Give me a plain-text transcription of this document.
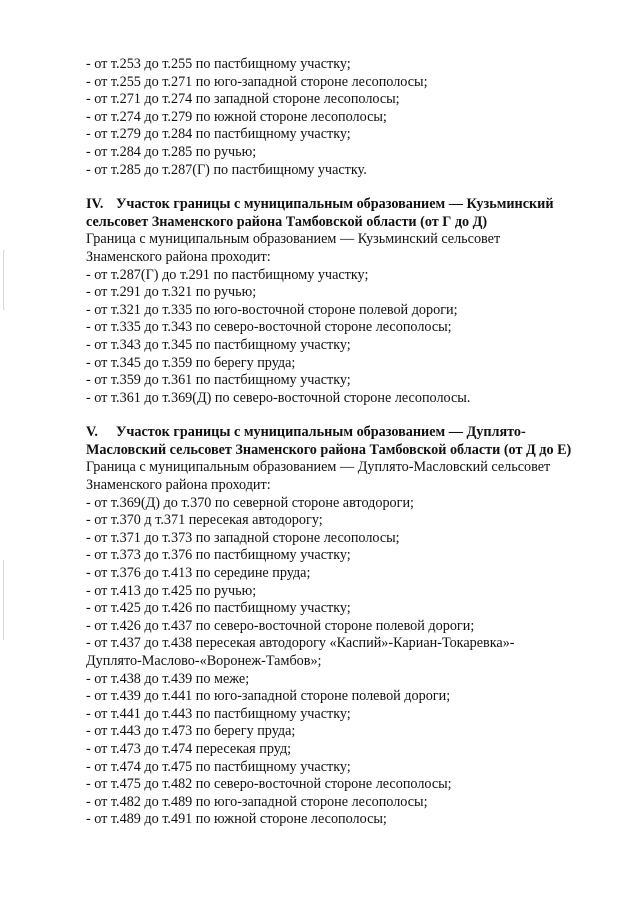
- от т.253 до т.255 по пастбищному участку;

- от т.255 до т.271 по юго-западной стороне лесополосы;

- от т.271 до т.274 по западной стороне лесополосы;

- от т.274 до т.279 по южной стороне лесополосы;

- от т.279 до т.284 по пастбищному участку;

- от т.284 до т.285 по ручью;

- от т.285 до т.287(Г) по пастбищному участку.

IV. Участок границы с муниципальным образованием — Кузьминский
сельсовет Знаменского района Тамбовской области (от Г до Д)

Граница с муниципальным образованием — Кузьминский сельсовет

Знаменского района проходит:

- от т.287(Г) до т.291 по пастбищному участку;

- от т.291 до т.321 по ручью;

- от т.321 до т.335 по юго-восточной стороне полевой дороги;

- от т.335 до т.343 по северо-восточной стороне лесополосы;

- от т.343 до т.345 по пастбищному участку;

- от т.345 до т.359 по берегу пруда;

- от т.359 до т.361 по пастбищному участку;

- от т.361 до т.369(Д) по северо-восточной стороне лесополосы.

V. Участок границы с муниципальным образованием — Дуплято-
Масловский сельсовет Знаменского района Тамбовской области (от Д до Е)

Граница с муниципальным образованием — Дуплято-Масловский сельсовет

Знаменского района проходит:

- от т.369(Д) до т.370 по северной стороне автодороги;

- от т.370 д т.371 пересекая автодорогу;

- от т.371 до т.373 по западной стороне лесополосы;

- от т.373 до т.376 по пастбищному участку;

- от т.376 до т.413 по середине пруда;

- от т.413 до т.425 по ручью;

- от т.425 до т.426 по пастбищному участку;

- от т.426 до т.437 по северо-восточной стороне полевой дороги;

- от т.437 до т.438 пересекая автодорогу «Каспий»-Кариан-Токаревка»-

Дуплято-Маслово-«Воронеж-Тамбов»;

- от т.438 до т.439 по меже;

- от т.439 до т.441 по юго-западной стороне полевой дороги;

- от т.441 до т.443 по пастбищному участку;

- от т.443 до т.473 по берегу пруда;

- от т.473 до т.474 пересекая пруд;

- от т.474 до т.475 по пастбищному участку;

- от т.475 до т.482 по северо-восточной стороне лесополосы;

- от т.482 до т.489 по юго-западной стороне лесополосы;

- от т.489 до т.491 по южной стороне лесополосы;
